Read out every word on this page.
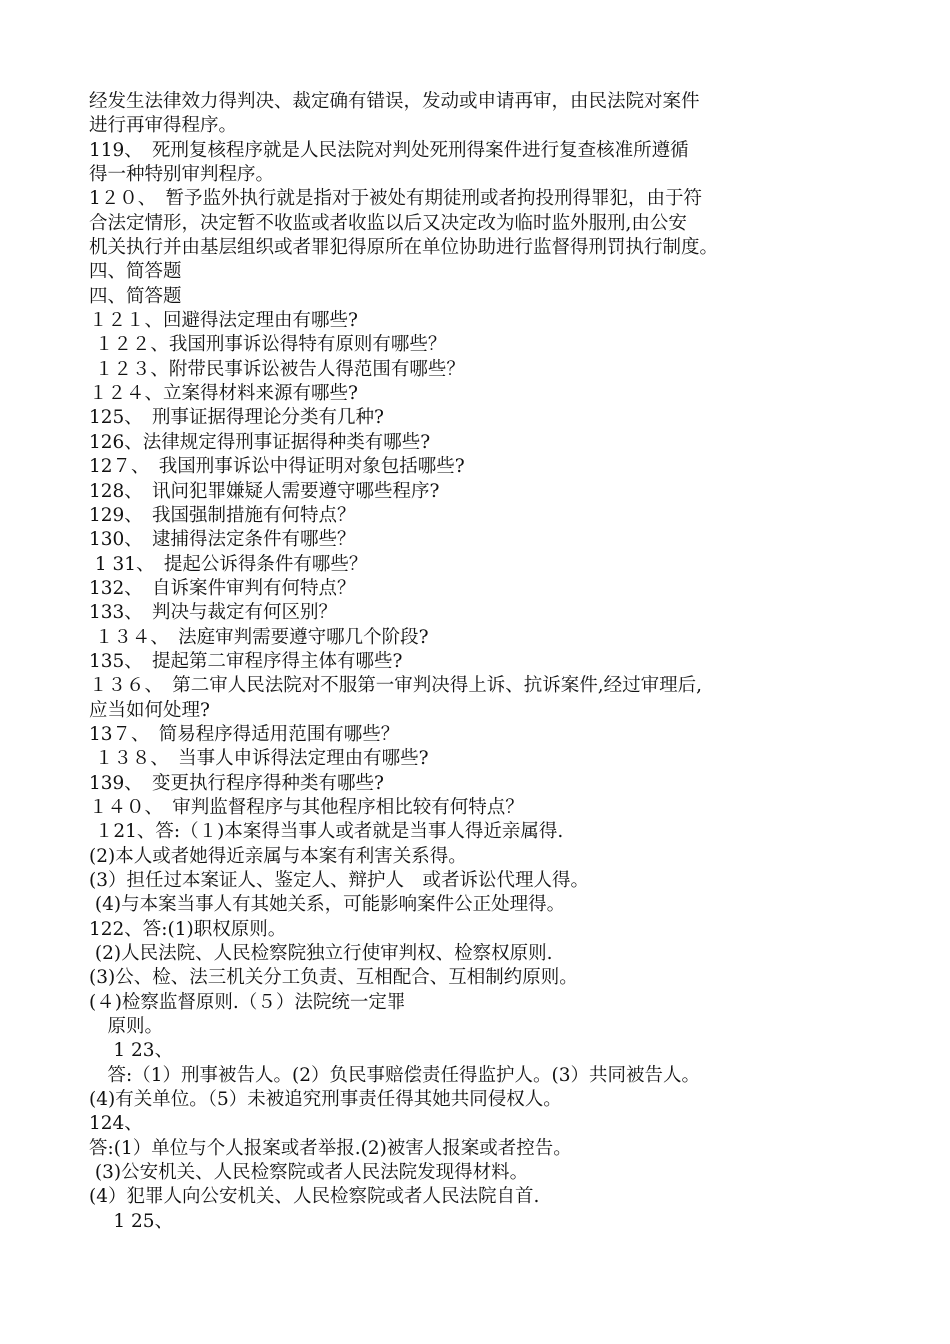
经发生法律效力得判决、裁定确有错误，发动或申请再审，由民法院对案件
进行再审得程序。
119、　死刑复核程序就是人民法院对判处死刑得案件进行复查核准所遵循
得一种特别审判程序。
1２０、　暂予监外执行就是指对于被处有期徒刑或者拘投刑得罪犯，由于符
合法定情形，决定暂不收监或者收监以后又决定改为临时监外服刑,由公安
机关执行并由基层组织或者罪犯得原所在单位协助进行监督得刑罚执行制度。
四、简答题
四、简答题
１２１、回避得法定理由有哪些?
１２２、我国刑事诉讼得特有原则有哪些？
１２３、附带民事诉讼被告人得范围有哪些？
１２４、立案得材料来源有哪些?
125、　刑事证据得理论分类有几种?
126、法律规定得刑事证据得种类有哪些?
12７、　我国刑事诉讼中得证明对象包括哪些?
128、　讯问犯罪嫌疑人需要遵守哪些程序?
129、　我国强制措施有何特点？
130、　逮捕得法定条件有哪些？
1 31、　提起公诉得条件有哪些？
132、　自诉案件审判有何特点？
133、　判决与裁定有何区别？
１３４、　法庭审判需要遵守哪几个阶段?
135、　提起第二审程序得主体有哪些?
１３６、　第二审人民法院对不服第一审判决得上诉、抗诉案件,经过审理后,
应当如何处理?
13７、　简易程序得适用范围有哪些？
１３８、　当事人申诉得法定理由有哪些?
139、　变更执行程序得种类有哪些?
１４０、　审判监督程序与其他程序相比较有何特点？
１21、答:（１)本案得当事人或者就是当事人得近亲属得.
(2)本人或者她得近亲属与本案有利害关系得。
(3）担任过本案证人、鉴定人、辩护人　或者诉讼代理人得。
(4)与本案当事人有其她关系，可能影响案件公正处理得。
122、答:(1)职权原则。
(2)人民法院、人民检察院独立行使审判权、检察权原则.
(3)公、检、法三机关分工负责、互相配合、互相制约原则。
(４)检察监督原则.（５）法院统一定罪
　原则。
　 1 23、
　答:（1）刑事被告人。(2）负民事赔偿责任得监护人。(3）共同被告人。
(4)有关单位。（5）未被追究刑事责任得其她共同侵权人。
124、
答:(1）单位与个人报案或者举报.(2)被害人报案或者控告。
(3)公安机关、人民检察院或者人民法院发现得材料。
(4）犯罪人向公安机关、人民检察院或者人民法院自首.
　 1 25、
